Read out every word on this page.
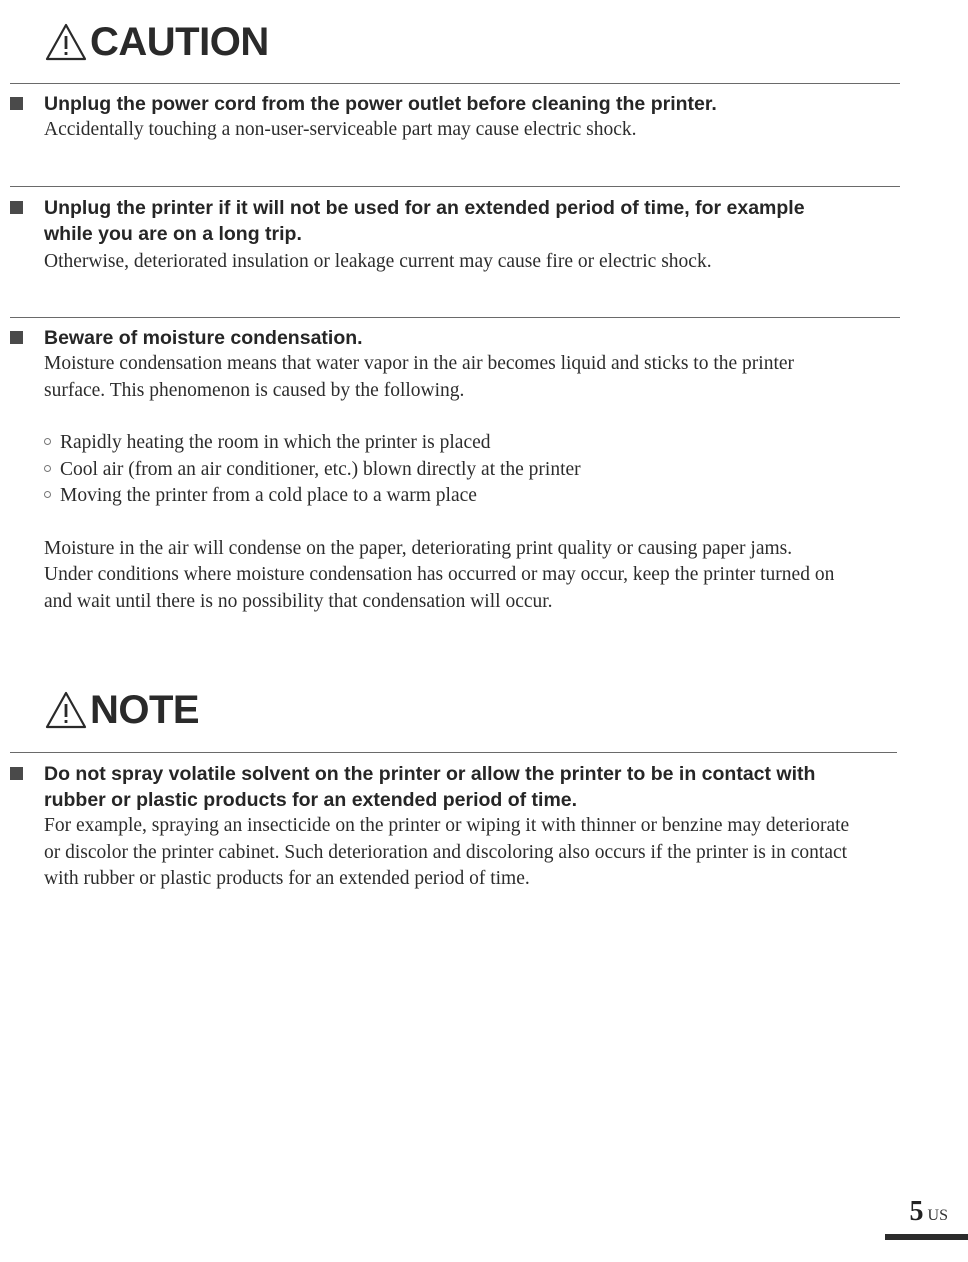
CAUTION

Unplug the power cord from the power outlet before cleaning the printer.

Accidentally touching a non-user-serviceable part may cause electric shock.

Unplug the printer if it will not be used for an extended period of time, for example while you are on a long trip.

Otherwise, deteriorated insulation or leakage current may cause fire or electric shock.

Beware of moisture condensation.

Moisture condensation means that water vapor in the air becomes liquid and sticks to the printer surface. This phenomenon is caused by the following.

Rapidly heating the room in which the printer is placed
Cool air (from an air conditioner, etc.) blown directly at the printer
Moving the printer from a cold place to a warm place

Moisture in the air will condense on the paper, deteriorating print quality or causing paper jams.

Under conditions where moisture condensation has occurred or may occur, keep the printer turned on and wait until there is no possibility that condensation will occur.

NOTE

Do not spray volatile solvent on the printer or allow the printer to be in contact with rubber or plastic products for an extended period of time.

For example, spraying an insecticide on the printer or wiping it with thinner or benzine may deteriorate or discolor the printer cabinet. Such deterioration and discoloring also occurs if the printer is in contact with rubber or plastic products for an extended period of time.

5 US
